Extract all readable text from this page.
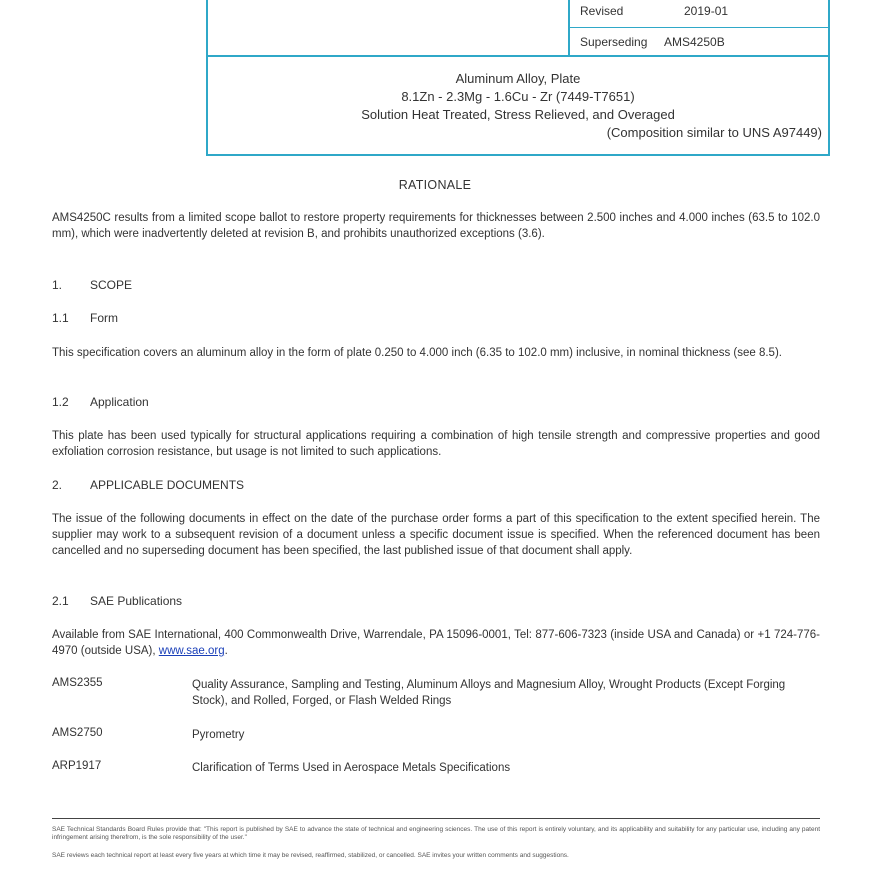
Revised	2019-01
Superseding AMS4250B
Aluminum Alloy, Plate
8.1Zn - 2.3Mg - 1.6Cu - Zr (7449-T7651)
Solution Heat Treated, Stress Relieved, and Overaged
(Composition similar to UNS A97449)
RATIONALE
AMS4250C results from a limited scope ballot to restore property requirements for thicknesses between 2.500 inches and 4.000 inches (63.5 to 102.0 mm), which were inadvertently deleted at revision B, and prohibits unauthorized exceptions (3.6).
1. SCOPE
1.1 Form
This specification covers an aluminum alloy in the form of plate 0.250 to 4.000 inch (6.35 to 102.0 mm) inclusive, in nominal thickness (see 8.5).
1.2 Application
This plate has been used typically for structural applications requiring a combination of high tensile strength and compressive properties and good exfoliation corrosion resistance, but usage is not limited to such applications.
2. APPLICABLE DOCUMENTS
The issue of the following documents in effect on the date of the purchase order forms a part of this specification to the extent specified herein. The supplier may work to a subsequent revision of a document unless a specific document issue is specified. When the referenced document has been cancelled and no superseding document has been specified, the last published issue of that document shall apply.
2.1 SAE Publications
Available from SAE International, 400 Commonwealth Drive, Warrendale, PA 15096-0001, Tel: 877-606-7323 (inside USA and Canada) or +1 724-776-4970 (outside USA), www.sae.org.
AMS2355	Quality Assurance, Sampling and Testing, Aluminum Alloys and Magnesium Alloy, Wrought Products (Except Forging Stock), and Rolled, Forged, or Flash Welded Rings
AMS2750	Pyrometry
ARP1917	Clarification of Terms Used in Aerospace Metals Specifications
SAE Technical Standards Board Rules provide that: "This report is published by SAE to advance the state of technical and engineering sciences. The use of this report is entirely voluntary, and its applicability and suitability for any particular use, including any patent infringement arising therefrom, is the sole responsibility of the user."
SAE reviews each technical report at least every five years at which time it may be revised, reaffirmed, stabilized, or cancelled. SAE invites your written comments and suggestions.
